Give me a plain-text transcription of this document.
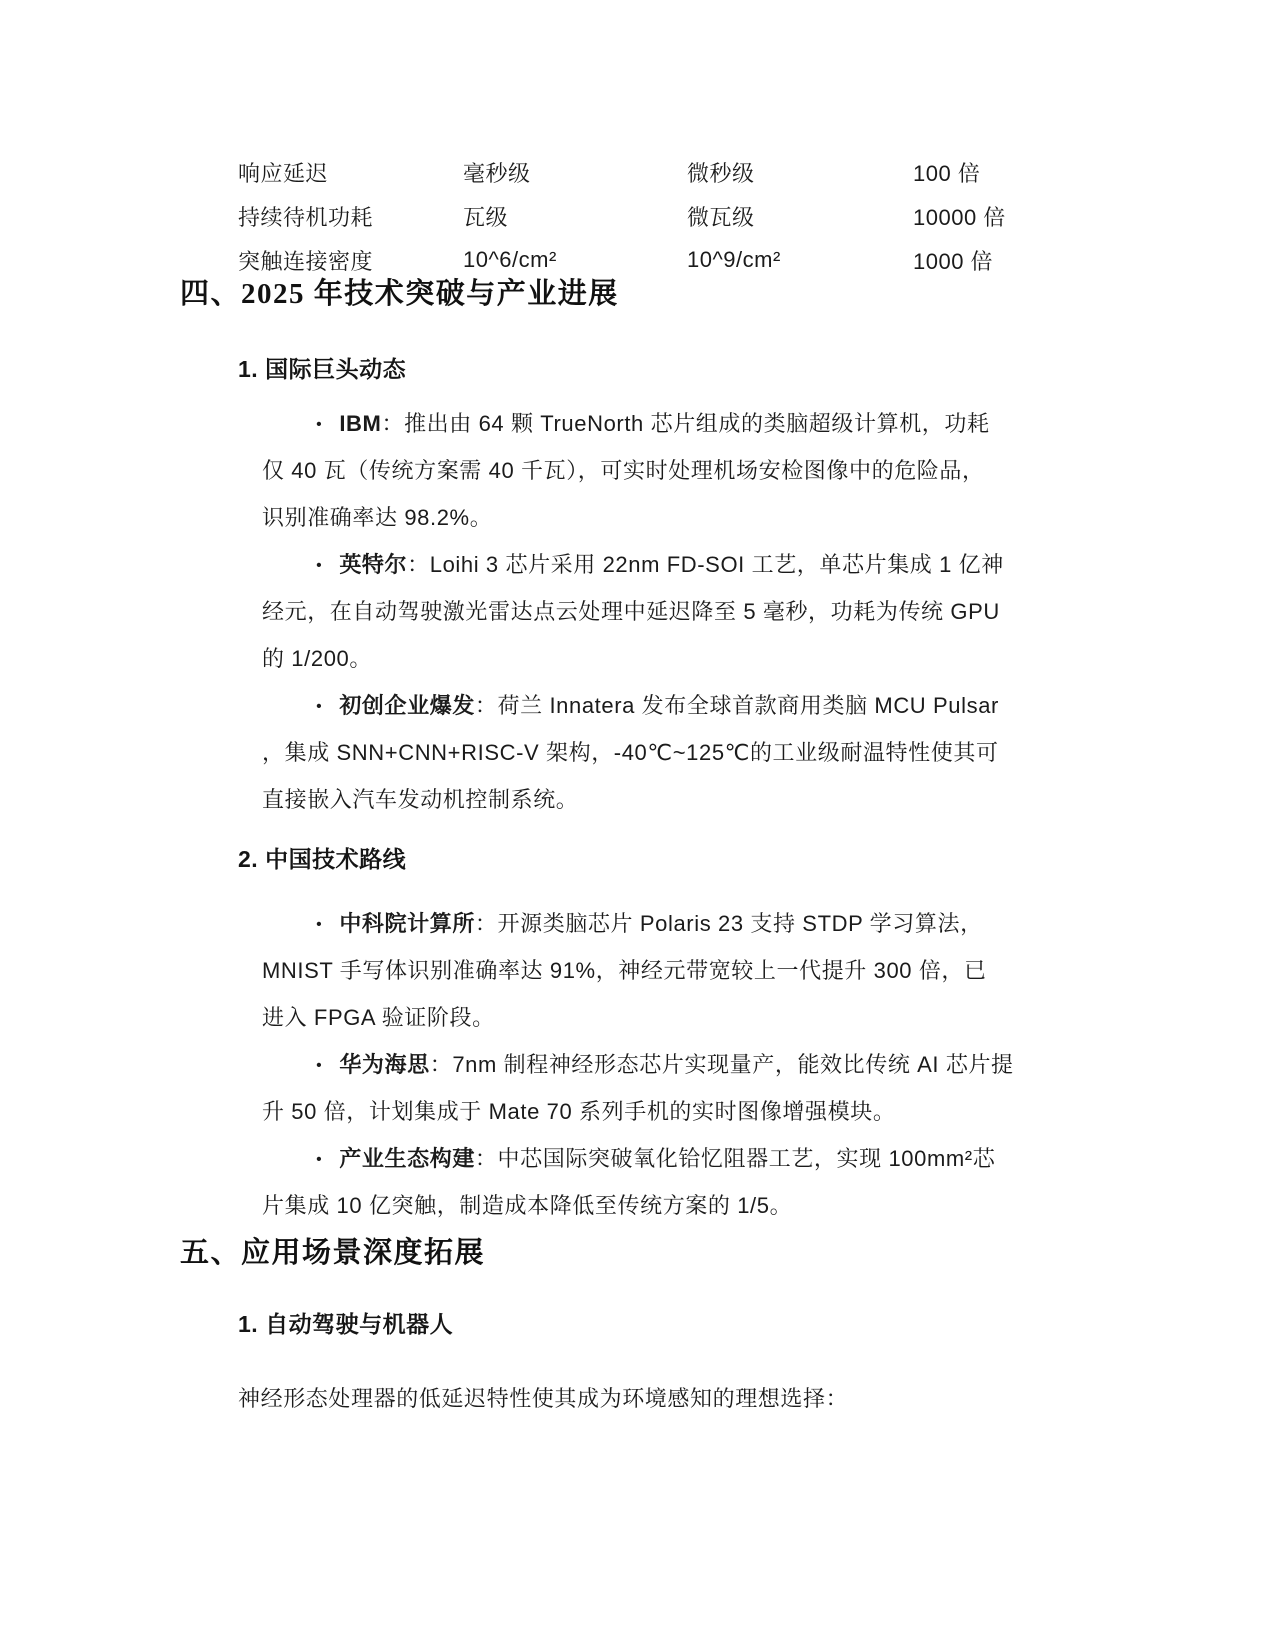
响应延迟	毫秒级	微秒级	100 倍
持续待机功耗	瓦级	微瓦级	10000 倍
突触连接密度	10^6/cm²	10^9/cm²	1000 倍
四、2025 年技术突破与产业进展
1. 国际巨头动态
• IBM：推出由 64 颗 TrueNorth 芯片组成的类脑超级计算机，功耗
仅 40 瓦（传统方案需 40 千瓦），可实时处理机场安检图像中的危险品，
识别准确率达 98.2%。
• 英特尔：Loihi 3 芯片采用 22nm FD-SOI 工艺，单芯片集成 1 亿神
经元，在自动驾驶激光雷达点云处理中延迟降至 5 毫秒，功耗为传统 GPU
的 1/200。
• 初创企业爆发：荷兰 Innatera 发布全球首款商用类脑 MCU Pulsar
，集成 SNN+CNN+RISC-V 架构，-40℃~125℃的工业级耐温特性使其可
直接嵌入汽车发动机控制系统。
2. 中国技术路线
• 中科院计算所：开源类脑芯片 Polaris 23 支持 STDP 学习算法，
MNIST 手写体识别准确率达 91%，神经元带宽较上一代提升 300 倍，已
进入 FPGA 验证阶段。
• 华为海思：7nm 制程神经形态芯片实现量产，能效比传统 AI 芯片提
升 50 倍，计划集成于 Mate 70 系列手机的实时图像增强模块。
• 产业生态构建：中芯国际突破氧化铪忆阻器工艺，实现 100mm²芯
片集成 10 亿突触，制造成本降低至传统方案的 1/5。
五、应用场景深度拓展
1. 自动驾驶与机器人
神经形态处理器的低延迟特性使其成为环境感知的理想选择：
